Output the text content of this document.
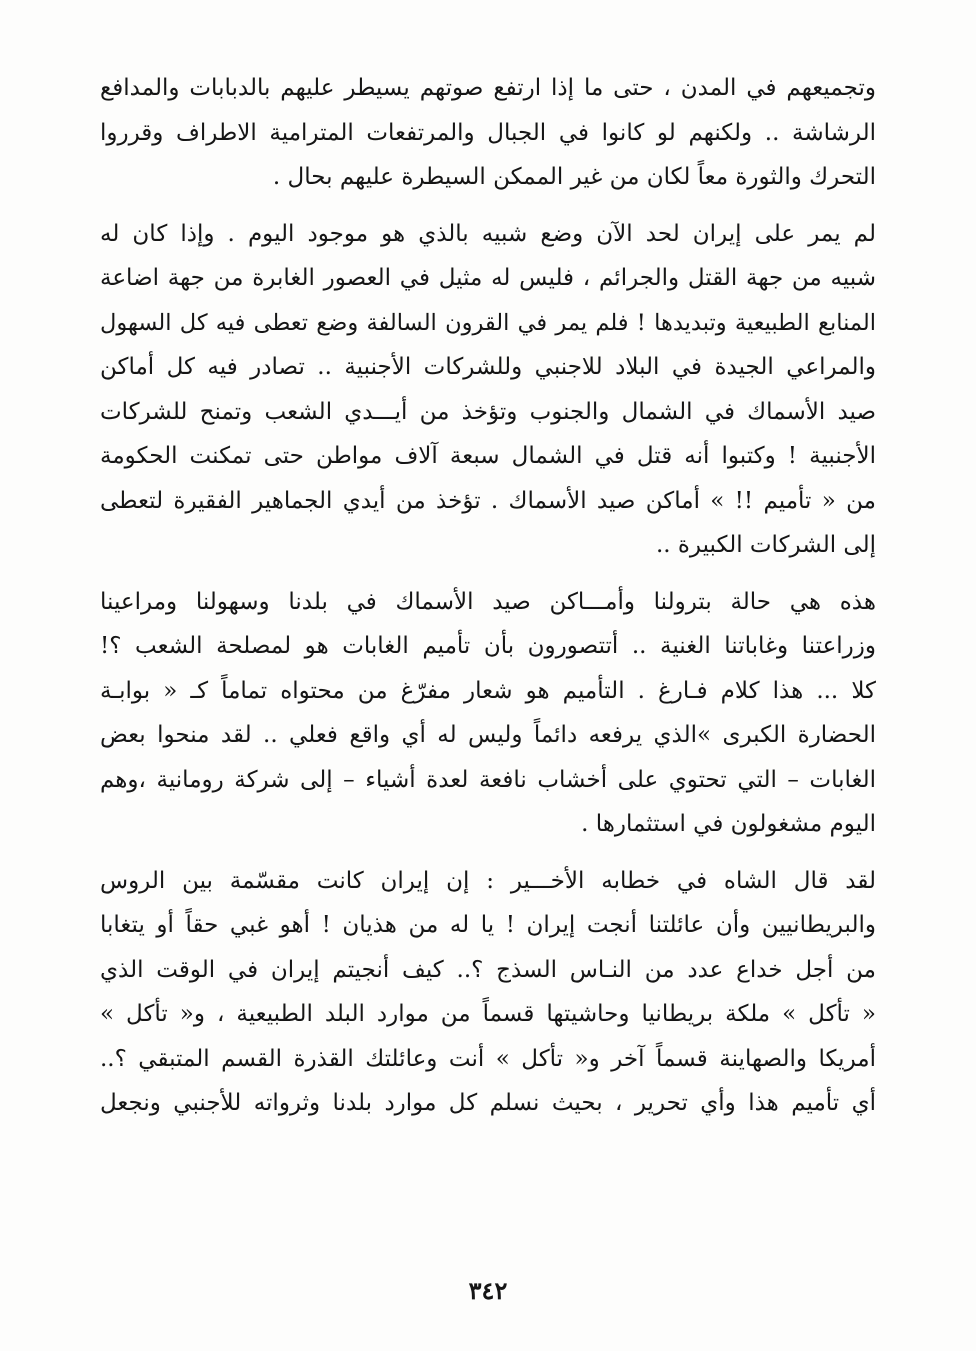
وتجميعهم في المدن ، حتى ما إذا ارتفع صوتهم يسيطر عليهم بالدبابات والمدافع
الرشاشة .. ولكنهم لو كانوا في الجبال والمرتفعات المترامية الاطراف وقرروا
التحرك والثورة معاً لكان من غير الممكن السيطرة عليهم بحال .
لم يمر على إيران لحد الآن وضع شبيه بالذي هو موجود اليوم . وإذا كان له
شبيه من جهة القتل والجرائم ، فليس له مثيل في العصور الغابرة من جهة اضاعة
المنابع الطبيعية وتبديدها ! فلم يمر في القرون السالفة وضع تعطى فيه كل السهول
والمراعي الجيدة في البلاد للاجنبي وللشركات الأجنبية .. تصادر فيه كل أماكن
صيد الأسماك في الشمال والجنوب وتؤخذ من أيـــدي الشعب وتمنح للشركات
الأجنبية ! وكتبوا أنه قتل في الشمال سبعة آلاف مواطن حتى تمكنت الحكومة
من « تأميم !! » أماكن صيد الأسماك . تؤخذ من أيدي الجماهير الفقيرة لتعطى
إلى الشركات الكبيرة ..
هذه هي حالة بترولنا وأمـــاكن صيد الأسماك في بلدنا وسهولنا ومراعينا
وزراعتنا وغاباتنا الغنية .. أتتصورون بأن تأميم الغابات هو لمصلحة الشعب ؟!
كلا ... هذا كلام فـارغ . التأميم هو شعار مفرّغ من محتواه تماماً كـ « بوابـة
الحضارة الكبرى »الذي يرفعه دائماً وليس له أي واقع فعلي .. لقد منحوا بعض
الغابات – التي تحتوي على أخشاب نافعة لعدة أشياء – إلى شركة رومانية ،وهم
اليوم مشغولون في استثمارها .
لقد قال الشاه في خطابه الأخـــير : إن إيران كانت مقسّمة بين الروس
والبريطانيين وأن عائلتنا أنجت إيران ! يا له من هذيان ! أهو غبي حقاً أو يتغابا
من أجل خداع عدد من النـاس السذج ؟.. كيف أنجيتم إيران في الوقت الذي
« تأكل » ملكة بريطانيا وحاشيتها قسماً من موارد البلد الطبيعية ، و« تأكل »
أمريكا والصهاينة قسماً آخر و« تأكل » أنت وعائلتك القذرة القسم المتبقي ؟..
أي تأميم هذا وأي تحرير ، بحيث نسلم كل موارد بلدنا وثرواته للأجنبي ونجعل
٣٤٢
